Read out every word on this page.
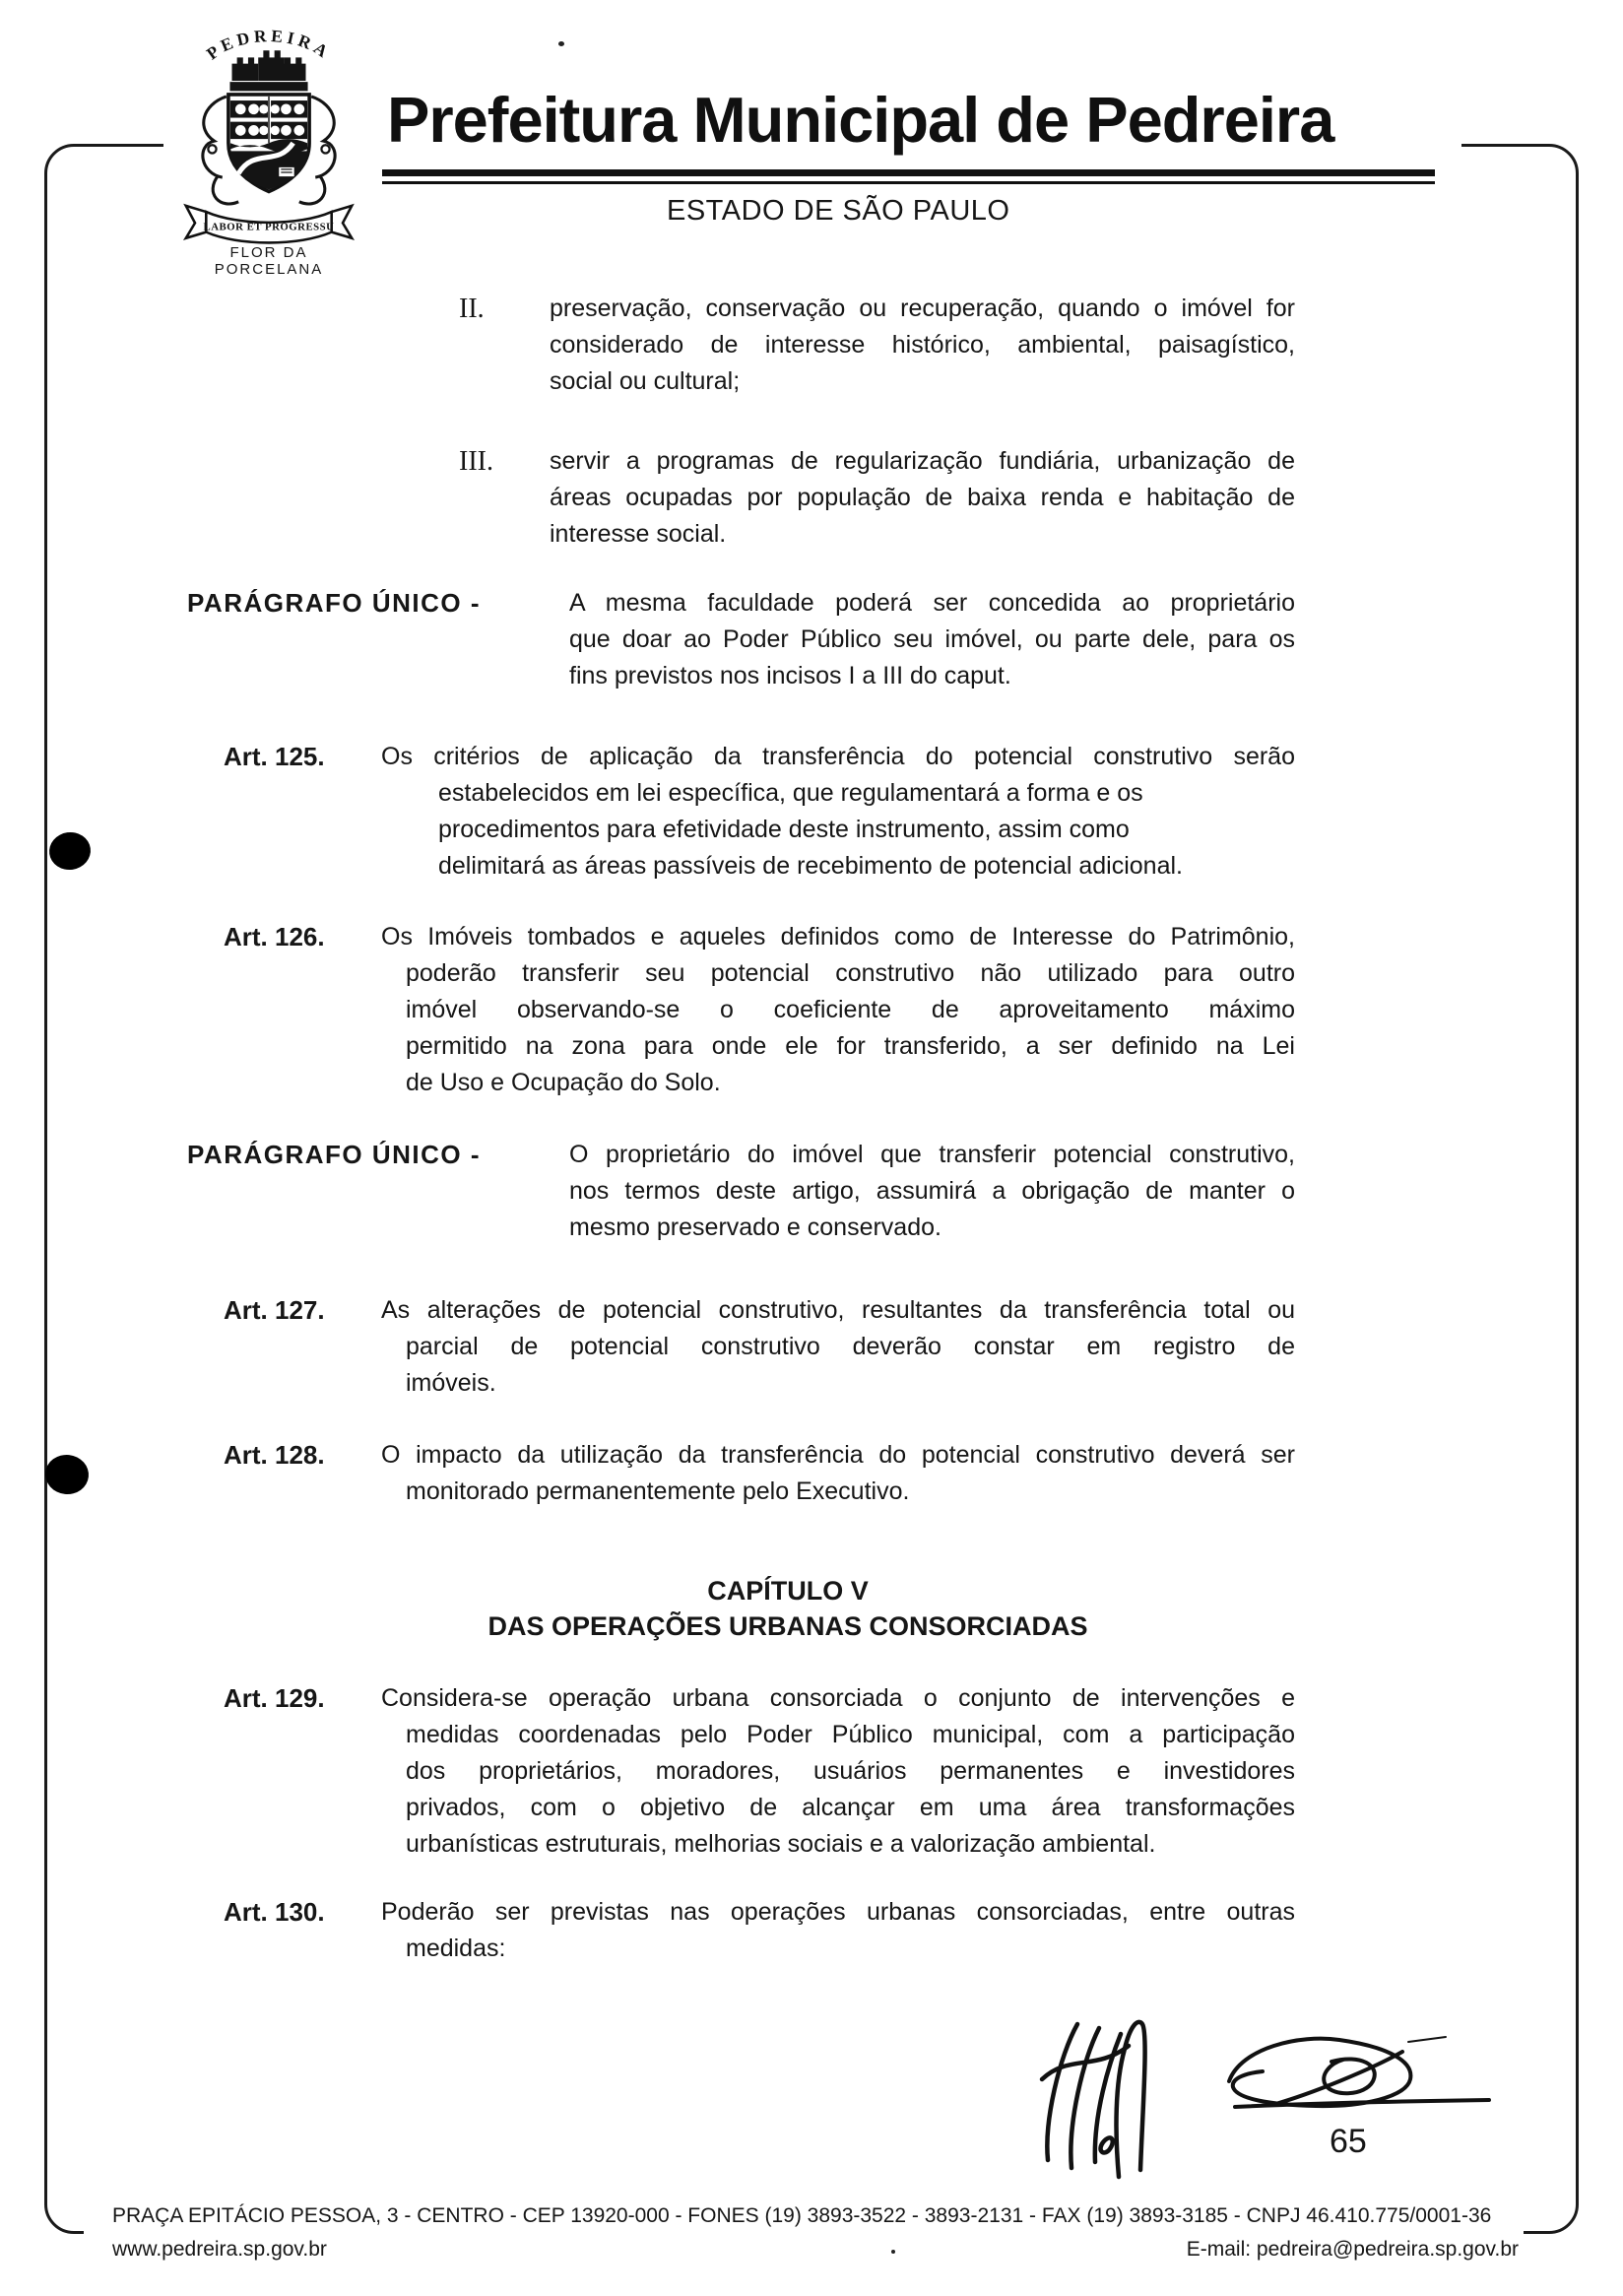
PEDREIRA
LABOR ET PROGRESSU
FLOR DA
PORCELANA
Prefeitura Municipal de Pedreira
ESTADO DE SÃO PAULO
II.	preservação, conservação ou recuperação, quando o imóvel for
considerado de interesse histórico, ambiental, paisagístico,
social ou cultural;
III. servir a programas de regularização fundiária, urbanização de
áreas ocupadas por população de baixa renda e habitação de
interesse social.
PARÁGRAFO ÚNICO -	A mesma faculdade poderá ser concedida ao proprietário
que doar ao Poder Público seu imóvel, ou parte dele, para os
fins previstos nos incisos I a III do caput.
Art. 125. Os critérios de aplicação da transferência do potencial construtivo serão
estabelecidos em lei específica, que regulamentará a forma e os
procedimentos para efetividade deste instrumento, assim como
delimitará as áreas passíveis de recebimento de potencial adicional.
Art. 126. Os Imóveis tombados e aqueles definidos como de Interesse do Patrimônio,
poderão transferir seu potencial construtivo não utilizado para outro
imóvel observando-se o coeficiente de aproveitamento máximo
permitido na zona para onde ele for transferido, a ser definido na Lei
de Uso e Ocupação do Solo.
PARÁGRAFO ÚNICO -	O proprietário do imóvel que transferir potencial construtivo,
nos termos deste artigo, assumirá a obrigação de manter o
mesmo preservado e conservado.
Art. 127. As alterações de potencial construtivo, resultantes da transferência total ou
parcial de potencial construtivo deverão constar em registro de
imóveis.
Art. 128. O impacto da utilização da transferência do potencial construtivo deverá ser
monitorado permanentemente pelo Executivo.
CAPÍTULO V
DAS OPERAÇÕES URBANAS CONSORCIADAS
Art. 129. Considera-se operação urbana consorciada o conjunto de intervenções e
medidas coordenadas pelo Poder Público municipal, com a participação
dos proprietários, moradores, usuários permanentes e investidores
privados, com o objetivo de alcançar em uma área transformações
urbanísticas estruturais, melhorias sociais e a valorização ambiental.
Art. 130. Poderão ser previstas nas operações urbanas consorciadas, entre outras
medidas:
65
PRAÇA EPITÁCIO PESSOA, 3 - CENTRO - CEP 13920-000 - FONES (19) 3893-3522 - 3893-2131 - FAX (19) 3893-3185 - CNPJ 46.410.775/0001-36
www.pedreira.sp.gov.br	E-mail: pedreira@pedreira.sp.gov.br
